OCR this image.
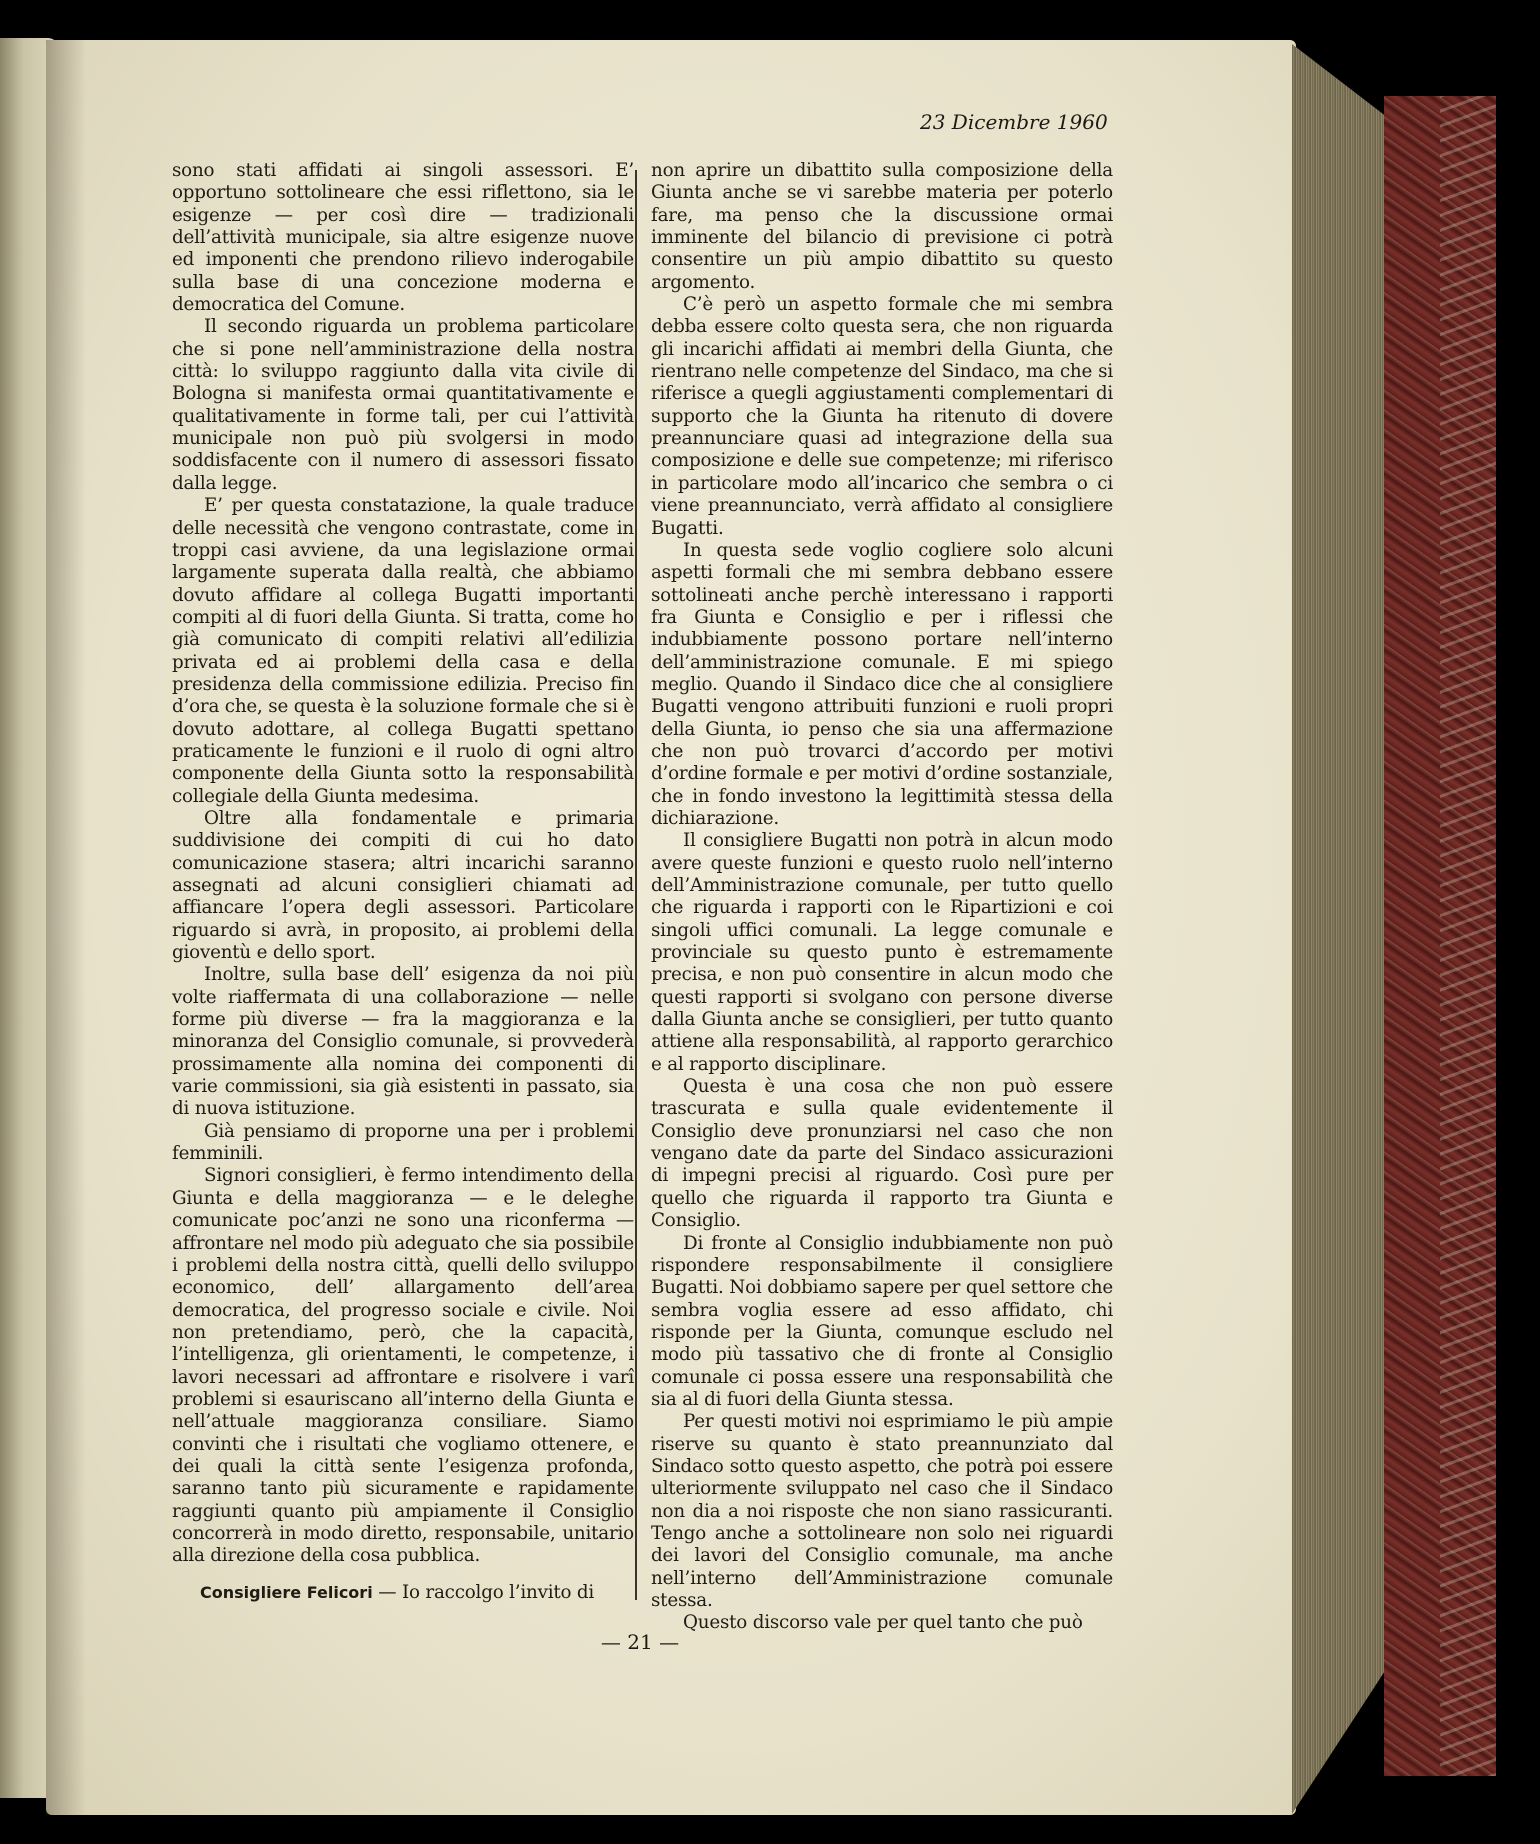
23 Dicembre 1960

sono stati affidati ai singoli assessori. E’ opportuno sottolineare che essi riflettono, sia le esigenze — per così dire — tradizionali dell’attività municipale, sia altre esigenze nuove ed imponenti che prendono rilievo inderogabile sulla base di una concezione moderna e democratica del Comune.

Il secondo riguarda un problema particolare che si pone nell’amministrazione della nostra città: lo sviluppo raggiunto dalla vita civile di Bologna si manifesta ormai quantitativamente e qualitativamente in forme tali, per cui l’attività municipale non può più svolgersi in modo soddisfacente con il numero di assessori fissato dalla legge.

E’ per questa constatazione, la quale traduce delle necessità che vengono contrastate, come in troppi casi avviene, da una legislazione ormai largamente superata dalla realtà, che abbiamo dovuto affidare al collega Bugatti importanti compiti al di fuori della Giunta. Si tratta, come ho già comunicato di compiti relativi all’edilizia privata ed ai problemi della casa e della presidenza della commissione edilizia. Preciso fin d’ora che, se questa è la soluzione formale che si è dovuto adottare, al collega Bugatti spettano praticamente le funzioni e il ruolo di ogni altro componente della Giunta sotto la responsabilità collegiale della Giunta medesima.

Oltre alla fondamentale e primaria suddivisione dei compiti di cui ho dato comunicazione stasera; altri incarichi saranno assegnati ad alcuni consiglieri chiamati ad affiancare l’opera degli assessori. Particolare riguardo si avrà, in proposito, ai problemi della gioventù e dello sport.

Inoltre, sulla base dell’ esigenza da noi più volte riaffermata di una collaborazione — nelle forme più diverse — fra la maggioranza e la minoranza del Consiglio comunale, si provvederà prossimamente alla nomina dei componenti di varie commissioni, sia già esistenti in passato, sia di nuova istituzione.

Già pensiamo di proporne una per i problemi femminili.

Signori consiglieri, è fermo intendimento della Giunta e della maggioranza — e le deleghe comunicate poc’anzi ne sono una riconferma — affrontare nel modo più adeguato che sia possibile i problemi della nostra città, quelli dello sviluppo economico, dell’ allargamento dell’area democratica, del progresso sociale e civile. Noi non pretendiamo, però, che la capacità, l’intelligenza, gli orientamenti, le competenze, i lavori necessari ad affrontare e risolvere i varî problemi si esauriscano all’interno della Giunta e nell’attuale maggioranza consiliare. Siamo convinti che i risultati che vogliamo ottenere, e dei quali la città sente l’esigenza profonda, saranno tanto più sicuramente e rapidamente raggiunti quanto più ampiamente il Consiglio concorrerà in modo diretto, responsabile, unitario alla direzione della cosa pubblica.

Consigliere Felicori — Io raccolgo l’invito di

non aprire un dibattito sulla composizione della Giunta anche se vi sarebbe materia per poterlo fare, ma penso che la discussione ormai imminente del bilancio di previsione ci potrà consentire un più ampio dibattito su questo argomento.

C’è però un aspetto formale che mi sembra debba essere colto questa sera, che non riguarda gli incarichi affidati ai membri della Giunta, che rientrano nelle competenze del Sindaco, ma che si riferisce a quegli aggiustamenti complementari di supporto che la Giunta ha ritenuto di dovere preannunciare quasi ad integrazione della sua composizione e delle sue competenze; mi riferisco in particolare modo all’incarico che sembra o ci viene preannunciato, verrà affidato al consigliere Bugatti.

In questa sede voglio cogliere solo alcuni aspetti formali che mi sembra debbano essere sottolineati anche perchè interessano i rapporti fra Giunta e Consiglio e per i riflessi che indubbiamente possono portare nell’interno dell’amministrazione comunale. E mi spiego meglio. Quando il Sindaco dice che al consigliere Bugatti vengono attribuiti funzioni e ruoli propri della Giunta, io penso che sia una affermazione che non può trovarci d’accordo per motivi d’ordine formale e per motivi d’ordine sostanziale, che in fondo investono la legittimità stessa della dichiarazione.

Il consigliere Bugatti non potrà in alcun modo avere queste funzioni e questo ruolo nell’interno dell’Amministrazione comunale, per tutto quello che riguarda i rapporti con le Ripartizioni e coi singoli uffici comunali. La legge comunale e provinciale su questo punto è estremamente precisa, e non può consentire in alcun modo che questi rapporti si svolgano con persone diverse dalla Giunta anche se consiglieri, per tutto quanto attiene alla responsabilità, al rapporto gerarchico e al rapporto disciplinare.

Questa è una cosa che non può essere trascurata e sulla quale evidentemente il Consiglio deve pronunziarsi nel caso che non vengano date da parte del Sindaco assicurazioni di impegni precisi al riguardo. Così pure per quello che riguarda il rapporto tra Giunta e Consiglio.

Di fronte al Consiglio indubbiamente non può rispondere responsabilmente il consigliere Bugatti. Noi dobbiamo sapere per quel settore che sembra voglia essere ad esso affidato, chi risponde per la Giunta, comunque escludo nel modo più tassativo che di fronte al Consiglio comunale ci possa essere una responsabilità che sia al di fuori della Giunta stessa.

Per questi motivi noi esprimiamo le più ampie riserve su quanto è stato preannunziato dal Sindaco sotto questo aspetto, che potrà poi essere ulteriormente sviluppato nel caso che il Sindaco non dia a noi risposte che non siano rassicuranti. Tengo anche a sottolineare non solo nei riguardi dei lavori del Consiglio comunale, ma anche nell’interno dell’Amministrazione comunale stessa.

Questo discorso vale per quel tanto che può

— 21 —
